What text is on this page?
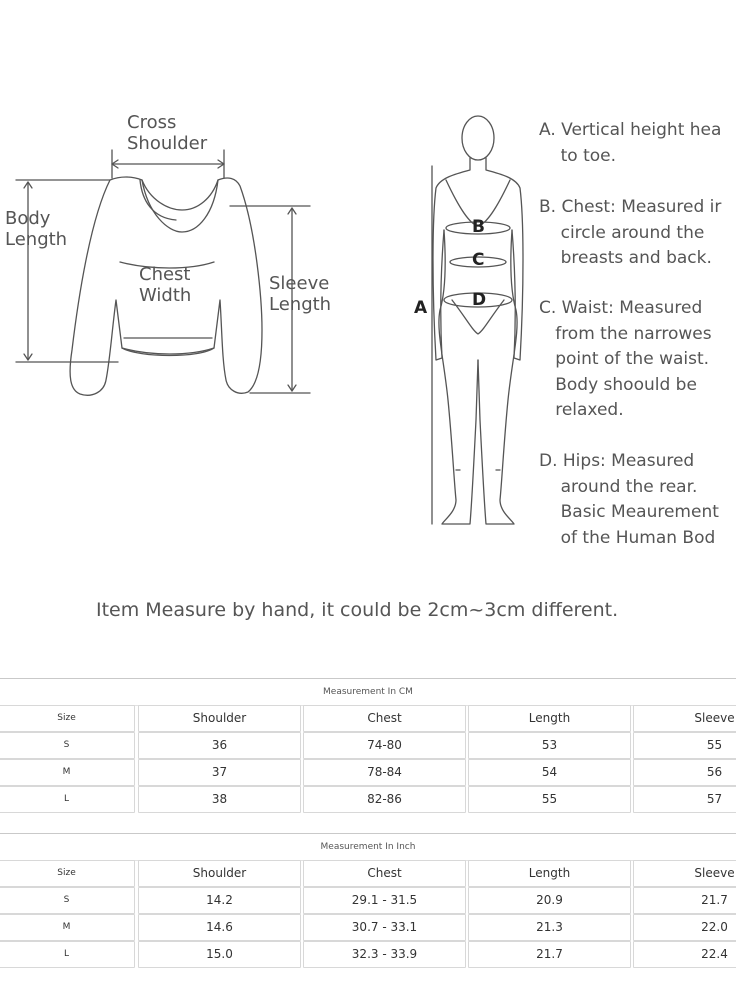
Cross
Shoulder
Body
Length
Chest
Width
Sleeve
Length	A
B
C
D
A. Vertical height hea
to toe.
B. Chest: Measured ir
circle around the
breasts and back.
C. Waist: Measured
from the narrowes
point of the waist.
Body shoould be
relaxed.
D. Hips: Measured
around the rear.
Basic Meaurement
of the Human Bod
Item Measure by hand, it could be 2cm~3cm different.
Measurement In CM
Size	Shoulder	Chest	Length	Sleeve
S	36	74-80	53	55
M	37	78-84	54	56
L	38	82-86	55	57
Measurement In Inch
Size	Shoulder	Chest	Length	Sleeve
S	14.2	29.1 - 31.5	20.9	21.7
M	14.6	30.7 - 33.1	21.3	22.0
L	15.0	32.3 - 33.9	21.7	22.4
